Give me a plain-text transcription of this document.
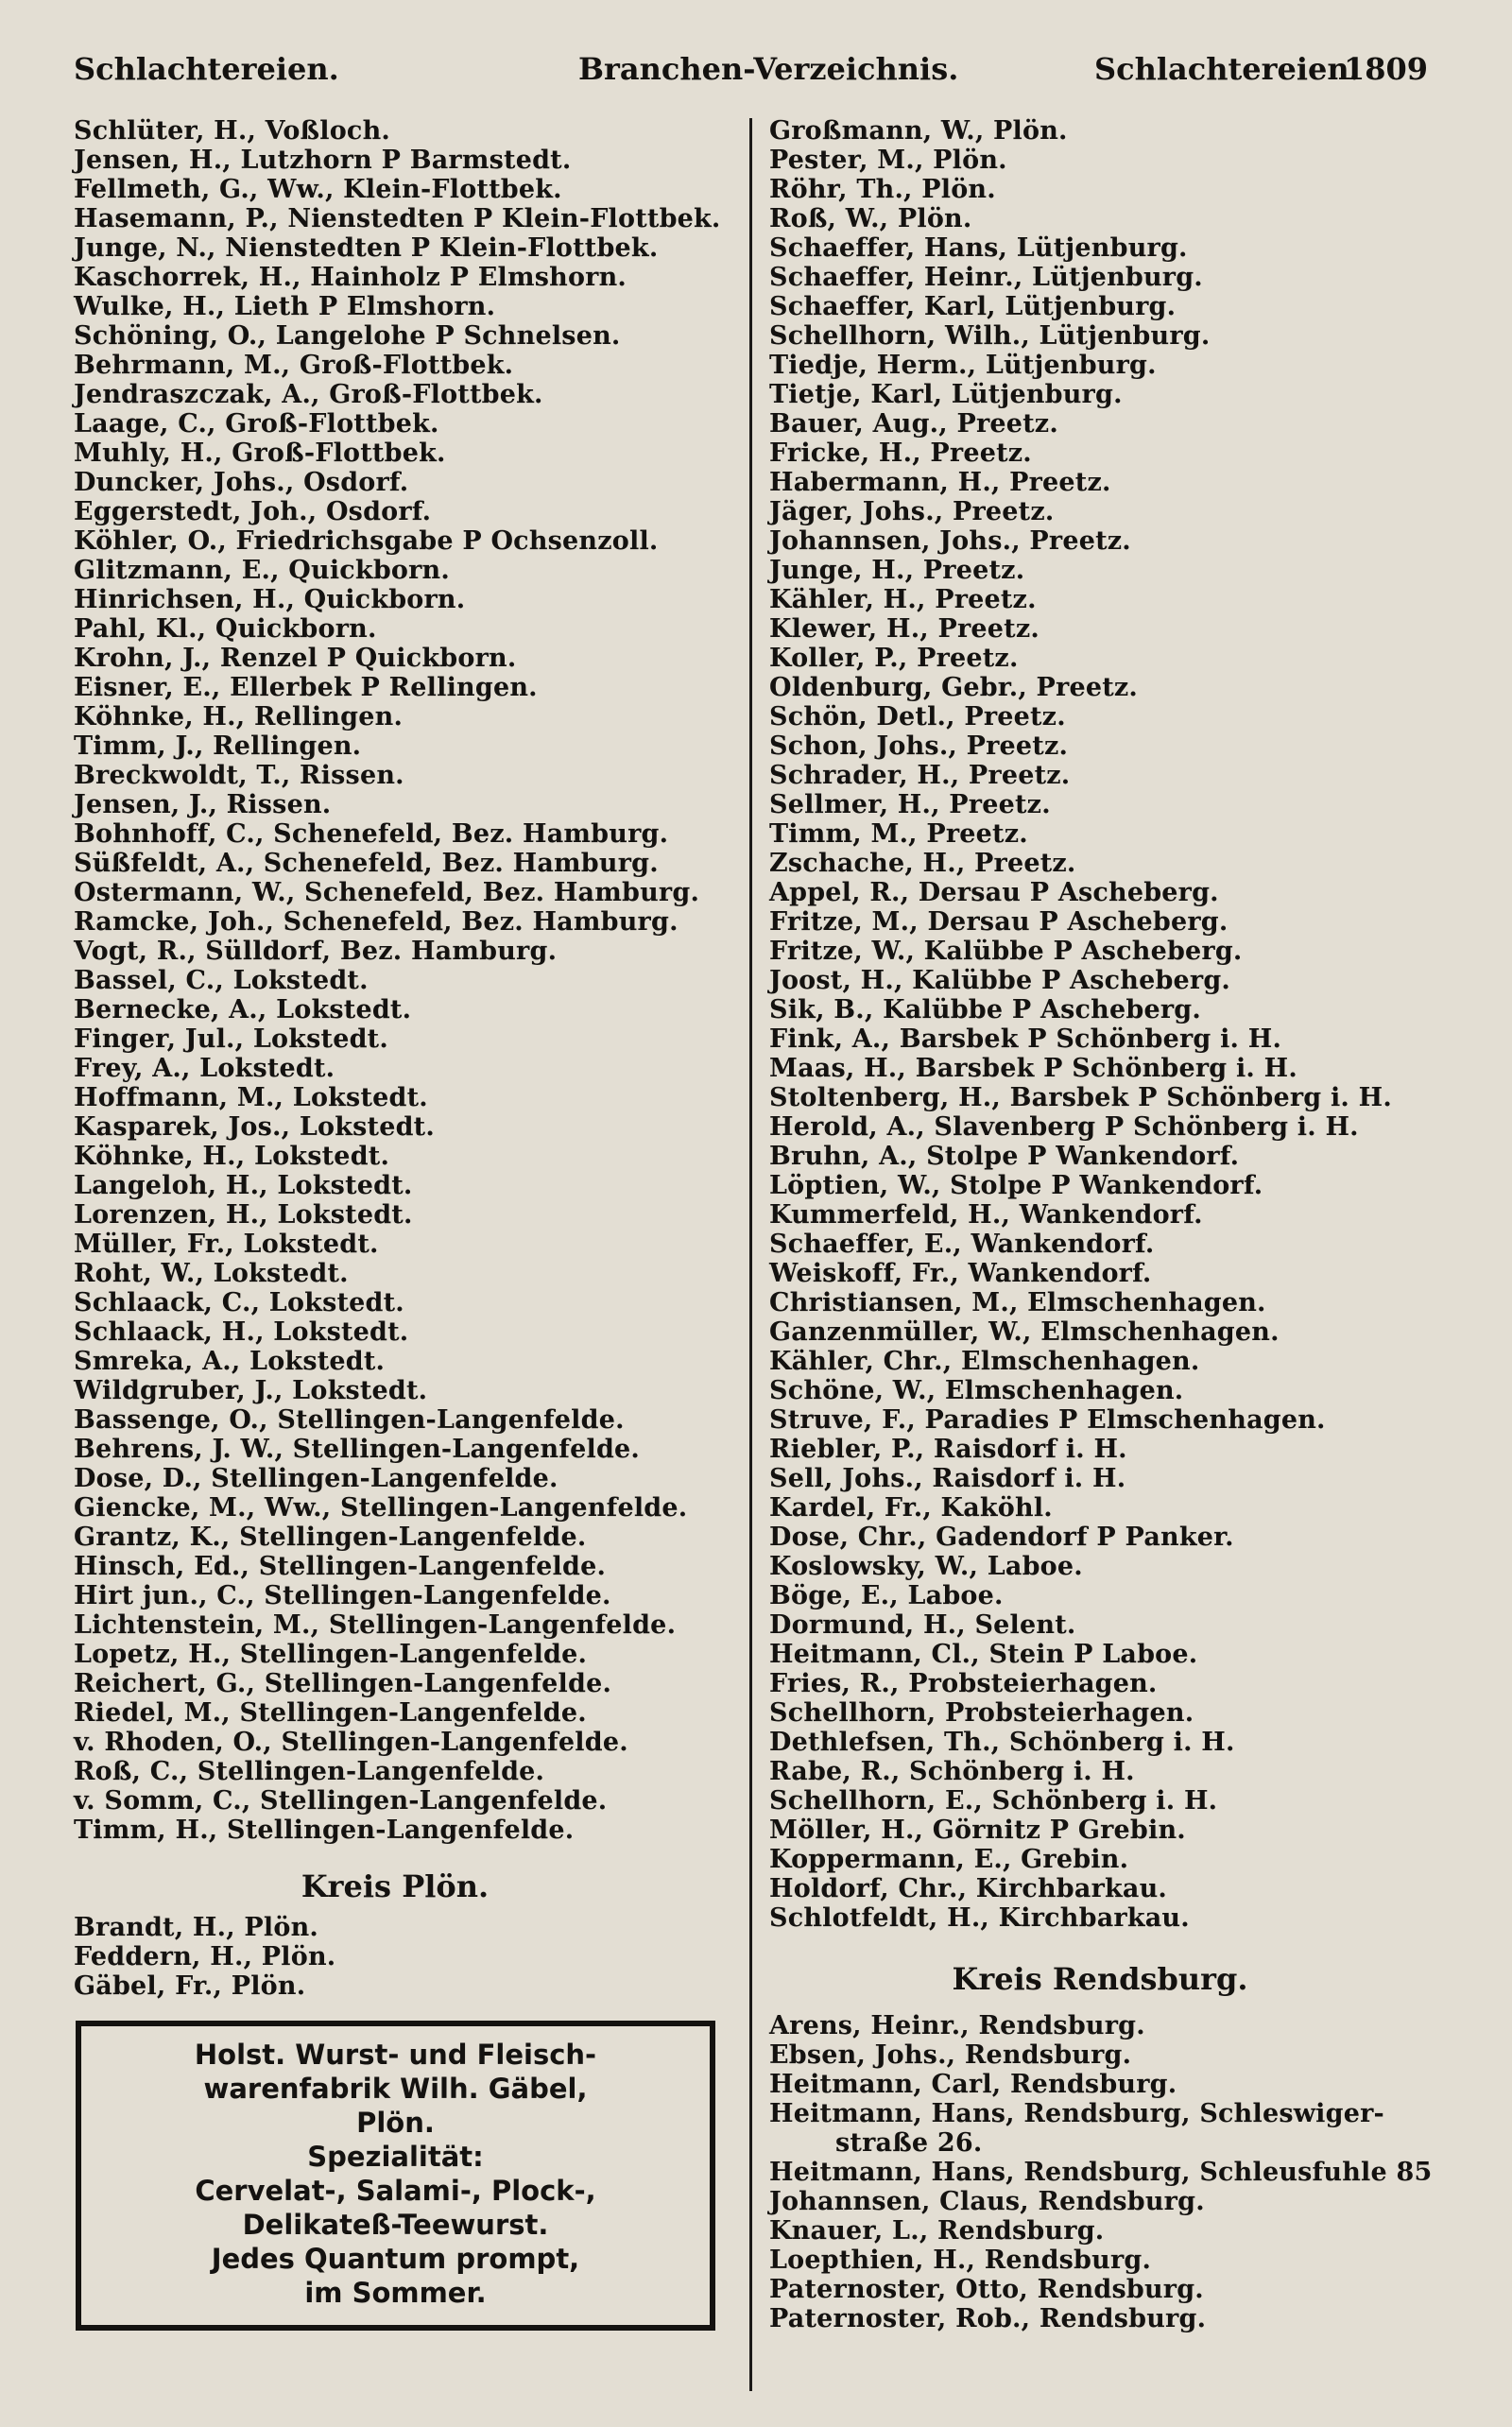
Schlachtereien.	Branchen-Verzeichnis.	Schlachtereien.
1809
Schlüter, H., Voßloch.
Jensen, H., Lutzhorn P Barmstedt.
Fellmeth, G., Ww., Klein-Flottbek.
Hasemann, P., Nienstedten P Klein-Flottbek.
Junge, N., Nienstedten P Klein-Flottbek.
Kaschorrek, H., Hainholz P Elmshorn.
Wulke, H., Lieth P Elmshorn.
Schöning, O., Langelohe P Schnelsen.
Behrmann, M., Groß-Flottbek.
Jendraszczak, A., Groß-Flottbek.
Laage, C., Groß-Flottbek.
Muhly, H., Groß-Flottbek.
Duncker, Johs., Osdorf.
Eggerstedt, Joh., Osdorf.
Köhler, O., Friedrichsgabe P Ochsenzoll.
Glitzmann, E., Quickborn.
Hinrichsen, H., Quickborn.
Pahl, Kl., Quickborn.
Krohn, J., Renzel P Quickborn.
Eisner, E., Ellerbek P Rellingen.
Köhnke, H., Rellingen.
Timm, J., Rellingen.
Breckwoldt, T., Rissen.
Jensen, J., Rissen.
Bohnhoff, C., Schenefeld, Bez. Hamburg.
Süßfeldt, A., Schenefeld, Bez. Hamburg.
Ostermann, W., Schenefeld, Bez. Hamburg.
Ramcke, Joh., Schenefeld, Bez. Hamburg.
Vogt, R., Sülldorf, Bez. Hamburg.
Bassel, C., Lokstedt.
Bernecke, A., Lokstedt.
Finger, Jul., Lokstedt.
Frey, A., Lokstedt.
Hoffmann, M., Lokstedt.
Kasparek, Jos., Lokstedt.
Köhnke, H., Lokstedt.
Langeloh, H., Lokstedt.
Lorenzen, H., Lokstedt.
Müller, Fr., Lokstedt.
Roht, W., Lokstedt.
Schlaack, C., Lokstedt.
Schlaack, H., Lokstedt.
Smreka, A., Lokstedt.
Wildgruber, J., Lokstedt.
Bassenge, O., Stellingen-Langenfelde.
Behrens, J. W., Stellingen-Langenfelde.
Dose, D., Stellingen-Langenfelde.
Giencke, M., Ww., Stellingen-Langenfelde.
Grantz, K., Stellingen-Langenfelde.
Hinsch, Ed., Stellingen-Langenfelde.
Hirt jun., C., Stellingen-Langenfelde.
Lichtenstein, M., Stellingen-Langenfelde.
Lopetz, H., Stellingen-Langenfelde.
Reichert, G., Stellingen-Langenfelde.
Riedel, M., Stellingen-Langenfelde.
v. Rhoden, O., Stellingen-Langenfelde.
Roß, C., Stellingen-Langenfelde.
v. Somm, C., Stellingen-Langenfelde.
Timm, H., Stellingen-Langenfelde.
Kreis Plön.
Brandt, H., Plön.
Feddern, H., Plön.
Gäbel, Fr., Plön.
Holst. Wurst- und Fleisch-
warenfabrik Wilh. Gäbel,
Plön.
Spezialität:
Cervelat-, Salami-, Plock-,
Delikateß-Teewurst.
Jedes Quantum prompt,
im Sommer.
Großmann, W., Plön.
Pester, M., Plön.
Röhr, Th., Plön.
Roß, W., Plön.
Schaeffer, Hans, Lütjenburg.
Schaeffer, Heinr., Lütjenburg.
Schaeffer, Karl, Lütjenburg.
Schellhorn, Wilh., Lütjenburg.
Tiedje, Herm., Lütjenburg.
Tietje, Karl, Lütjenburg.
Bauer, Aug., Preetz.
Fricke, H., Preetz.
Habermann, H., Preetz.
Jäger, Johs., Preetz.
Johannsen, Johs., Preetz.
Junge, H., Preetz.
Kähler, H., Preetz.
Klewer, H., Preetz.
Koller, P., Preetz.
Oldenburg, Gebr., Preetz.
Schön, Detl., Preetz.
Schon, Johs., Preetz.
Schrader, H., Preetz.
Sellmer, H., Preetz.
Timm, M., Preetz.
Zschache, H., Preetz.
Appel, R., Dersau P Ascheberg.
Fritze, M., Dersau P Ascheberg.
Fritze, W., Kalübbe P Ascheberg.
Joost, H., Kalübbe P Ascheberg.
Sik, B., Kalübbe P Ascheberg.
Fink, A., Barsbek P Schönberg i. H.
Maas, H., Barsbek P Schönberg i. H.
Stoltenberg, H., Barsbek P Schönberg i. H.
Herold, A., Slavenberg P Schönberg i. H.
Bruhn, A., Stolpe P Wankendorf.
Löptien, W., Stolpe P Wankendorf.
Kummerfeld, H., Wankendorf.
Schaeffer, E., Wankendorf.
Weiskoff, Fr., Wankendorf.
Christiansen, M., Elmschenhagen.
Ganzenmüller, W., Elmschenhagen.
Kähler, Chr., Elmschenhagen.
Schöne, W., Elmschenhagen.
Struve, F., Paradies P Elmschenhagen.
Riebler, P., Raisdorf i. H.
Sell, Johs., Raisdorf i. H.
Kardel, Fr., Kaköhl.
Dose, Chr., Gadendorf P Panker.
Koslowsky, W., Laboe.
Böge, E., Laboe.
Dormund, H., Selent.
Heitmann, Cl., Stein P Laboe.
Fries, R., Probsteierhagen.
Schellhorn, Probsteierhagen.
Dethlefsen, Th., Schönberg i. H.
Rabe, R., Schönberg i. H.
Schellhorn, E., Schönberg i. H.
Möller, H., Görnitz P Grebin.
Koppermann, E., Grebin.
Holdorf, Chr., Kirchbarkau.
Schlotfeldt, H., Kirchbarkau.
Kreis Rendsburg.
Arens, Heinr., Rendsburg.
Ebsen, Johs., Rendsburg.
Heitmann, Carl, Rendsburg.
Heitmann, Hans, Rendsburg, Schleswiger-
straße 26.
Heitmann, Hans, Rendsburg, Schleusfuhle 85
Johannsen, Claus, Rendsburg.
Knauer, L., Rendsburg.
Loepthien, H., Rendsburg.
Paternoster, Otto, Rendsburg.
Paternoster, Rob., Rendsburg.
